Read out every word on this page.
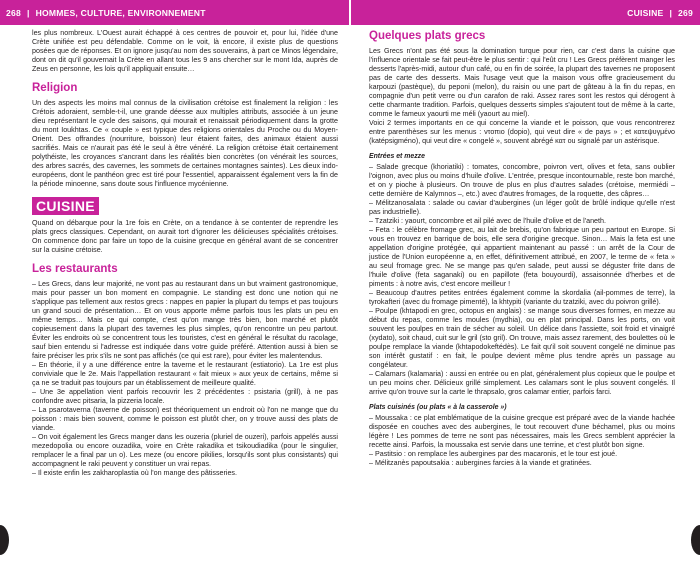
268 | HOMMES, CULTURE, ENVIRONNEMENT	CUISINE | 269

les plus nombreux. L'Ouest aurait échappé à ces centres de pouvoir et, pour lui, l'idée d'une Crète unifiée est peu défendable. Comme on le voit, là encore, il existe plus de questions posées que de réponses. Et on ignore jusqu'au nom des souverains, à part ce Minos légendaire, dont on dit qu'il gouvernait la Crète en allant tous les 9 ans chercher sur le mont Ida, auprès de Zeus en personne, les lois qu'il appliquait ensuite…

Religion

Un des aspects les moins mal connus de la civilisation crétoise est finalement la religion : les Crétois adoraient, semble-t-il, une grande déesse aux multiples attributs, associée à un jeune dieu représentant le cycle des saisons, qui mourait et renaissait périodiquement dans la grotte du mont Ioukhtas. Ce « couple » est typique des religions orientales du Proche ou du Moyen-Orient. Des offrandes (nourriture, boisson) leur étaient faites, des animaux étaient aussi sacrifiés. Mais ce n'aurait pas été le seul à être vénéré. La religion crétoise était certainement polythéiste, les croyances s'ancrant dans les réalités bien concrètes (on vénérait les sources, des arbres sacrés, des cavernes, les sommets de certaines montagnes saintes). Les dieux indo-européens, dont le panthéon grec est tiré pour l'essentiel, apparaissent également vers la fin de la période minoenne, sans doute sous l'influence mycénienne.

CUISINE

Quand on débarque pour la 1re fois en Crète, on a tendance à se contenter de reprendre les plats grecs classiques. Cependant, on aurait tort d'ignorer les délicieuses spécialités crétoises. On commence donc par faire un topo de la cuisine grecque en général avant de se concentrer sur la cuisine crétoise.

Les restaurants

– Les Grecs, dans leur majorité, ne vont pas au restaurant dans un but vraiment gastronomique, mais pour passer un bon moment en compagnie. Le standing est donc une notion qui ne s'applique pas tellement aux restos grecs : nappes en papier la plupart du temps et pas toujours un grand souci de présentation… Et on vous apporte même parfois tous les plats un peu en même temps… Mais ce qui compte, c'est qu'on mange très bien, bon marché et plutôt copieusement dans la plupart des tavernes les plus simples, qu'on rencontre un peu partout. Éviter les endroits où se concentrent tous les touristes, c'est en général le résultat du racolage, sauf bien entendu si l'adresse est indiquée dans votre guide préféré. Attention aussi à bien se faire préciser les prix s'ils ne sont pas affichés (ce qui est rare), pour éviter les malentendus.

– En théorie, il y a une différence entre la taverne et le restaurant (estiatorio). La 1re est plus conviviale que le 2e. Mais l'appellation restaurant « fait mieux » aux yeux de certains, même si ça ne se traduit pas toujours par un établissement de meilleure qualité.

– Une 3e appellation vient parfois recouvrir les 2 précédentes : psistaria (grill), à ne pas confondre avec pitsaria, la pizzeria locale.

– La psarotaverna (taverne de poisson) est théoriquement un endroit où l'on ne mange que du poisson : mais bien souvent, comme le poisson est plutôt cher, on y trouve aussi des plats de viande.

– On voit également les Grecs manger dans les ouzeria (pluriel de ouzeri), parfois appelés aussi mezedopolia ou encore ouzadika, voire en Crète rakadika et tsikoudiadika (pour le singulier, remplacer le a final par un o). Les meze (ou encore pikilies, lorsqu'ils sont plus consistants) qui accompagnent le raki peuvent y constituer un vrai repas.

– Il existe enfin les zakharoplastia où l'on mange des pâtisseries.

Quelques plats grecs

Les Grecs n'ont pas été sous la domination turque pour rien, car c'est dans la cuisine que l'influence orientale se fait peut-être le plus sentir : qui l'eût cru ! Les Grecs préfèrent manger les desserts l'après-midi, autour d'un café, ou en fin de soirée, la plupart des tavernes ne proposent pas de carte des desserts. Mais l'usage veut que la maison vous offre gracieusement du karpouzi (pastèque), du peponi (melon), du raisin ou une part de gâteau à la fin du repas, en compagnie d'un petit verre ou d'un carafon de raki. Assez rares sont les restos qui dérogent à cette charmante tradition. Parfois, quelques desserts simples s'ajoutent tout de même à la carte, comme le fameux yaourti me méli (yaourt au miel).

Voici 2 termes importants en ce qui concerne la viande et le poisson, que vous rencontrerez entre parenthèses sur les menus : ντοπιο (dopio), qui veut dire « de pays » ; et κατεψυγμένο (katépsigméno), qui veut dire « congelé », souvent abrégé κατ ou signalé par un astérisque.

Entrées et mezze

– Salade grecque (khoriatiki) : tomates, concombre, poivron vert, olives et feta, sans oublier l'oignon, avec plus ou moins d'huile d'olive. L'entrée, presque incontournable, reste bon marché, et on y pioche à plusieurs. On trouve de plus en plus d'autres salades (crétoise, mermiédi – cette dernière de Kalymnos –, etc.) avec d'autres fromages, de la roquette, des câpres…

– Mélitzanosalata : salade ou caviar d'aubergines (un léger goût de brûlé indique qu'elle n'est pas industrielle).

– Tzatziki : yaourt, concombre et ail pilé avec de l'huile d'olive et de l'aneth.

– Feta : le célèbre fromage grec, au lait de brebis, qu'on fabrique un peu partout en Europe. Si vous en trouvez en barrique de bois, elle sera d'origine grecque. Sinon… Mais la feta est une appellation d'origine protégée, qui appartient maintenant au passé : un arrêt de la Cour de justice de l'Union européenne a, en effet, définitivement attribué, en 2007, le terme de « feta » au seul fromage grec. Ne se mange pas qu'en salade, peut aussi se déguster frite dans de l'huile d'olive (feta saganaki) ou en papillote (feta bouyourdi), assaisonnée d'herbes et de piments : à notre avis, c'est encore meilleur !

– Beaucoup d'autres petites entrées également comme la skordalia (ail-pommes de terre), la tyrokafteri (avec du fromage pimenté), la khtypiti (variante du tzatziki, avec du poivron grillé).

– Poulpe (khtapodi en grec, octopus en anglais) : se mange sous diverses formes, en mezze au début du repas, comme les moules (mydhia), ou en plat principal. Dans les ports, on voit souvent les poulpes en train de sécher au soleil. Un délice dans l'assiette, soit froid et vinaigré (xydato), soit chaud, cuit sur le gril (sto gril). On trouve, mais assez rarement, des boulettes où le poulpe remplace la viande (khtapodokeftédès). Le fait qu'il soit souvent congelé ne diminue pas son intérêt gustatif : en fait, le poulpe devient même plus tendre après un passage au congélateur.

– Calamars (kalamaria) : aussi en entrée ou en plat, généralement plus copieux que le poulpe et un peu moins cher. Délicieux grillé simplement. Les calamars sont le plus souvent congelés. Il arrive qu'on trouve sur la carte le thrapsalo, gros calamar entier, parfois farci.

Plats cuisinés (ou plats « à la casserole »)

– Moussaka : ce plat emblématique de la cuisine grecque est préparé avec de la viande hachée disposée en couches avec des aubergines, le tout recouvert d'une béchamel, plus ou moins légère ! Les pommes de terre ne sont pas nécessaires, mais les Grecs semblent apprécier la recette ainsi. Parfois, la moussaka est servie dans une terrine, et c'est plutôt bon signe.

– Pastitsio : on remplace les aubergines par des macaronis, et le tour est joué.

– Mélitzanès papoutsakia : aubergines farcies à la viande et gratinées.
